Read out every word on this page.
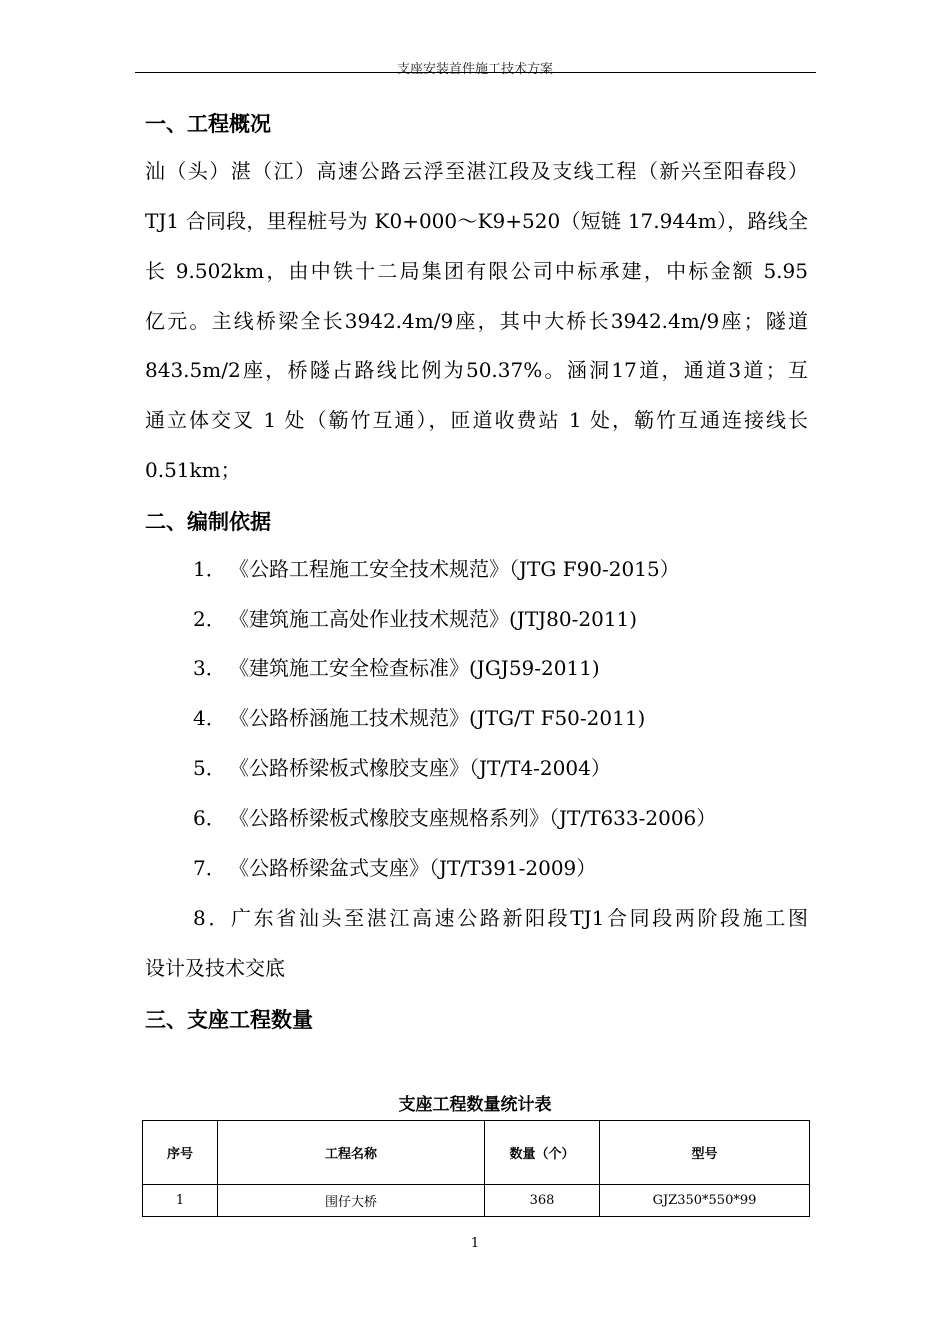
支座安装首件施工技术方案
一、工程概况
汕（头）湛（江）高速公路云浮至湛江段及支线工程（新兴至阳春段）
TJ1 合同段，里程桩号为 K0+000～K9+520（短链 17.944m），路线全
长 9.502km，由中铁十二局集团有限公司中标承建，中标金额 5.95
亿元。主线桥梁全长3942.4m/9座，其中大桥长3942.4m/9座；隧道
843.5m/2座，桥隧占路线比例为50.37%。涵洞17道，通道3道；互
通立体交叉 1 处（簕竹互通），匝道收费站 1 处，簕竹互通连接线长
0.51km；
二、编制依据
1． 《公路工程施工安全技术规范》（JTG F90-2015）
2． 《建筑施工高处作业技术规范》(JTJ80-2011)
3． 《建筑施工安全检查标准》(JGJ59-2011)
4． 《公路桥涵施工技术规范》(JTG/T F50-2011)
5． 《公路桥梁板式橡胶支座》（JT/T4-2004）
6． 《公路桥梁板式橡胶支座规格系列》（JT/T633-2006）
7． 《公路桥梁盆式支座》（JT/T391-2009）
8．广东省汕头至湛江高速公路新阳段TJ1合同段两阶段施工图
设计及技术交底
三、支座工程数量
支座工程数量统计表
序号	工程名称	数量（个）	型号
1	围仔大桥	368	GJZ350*550*99
1
